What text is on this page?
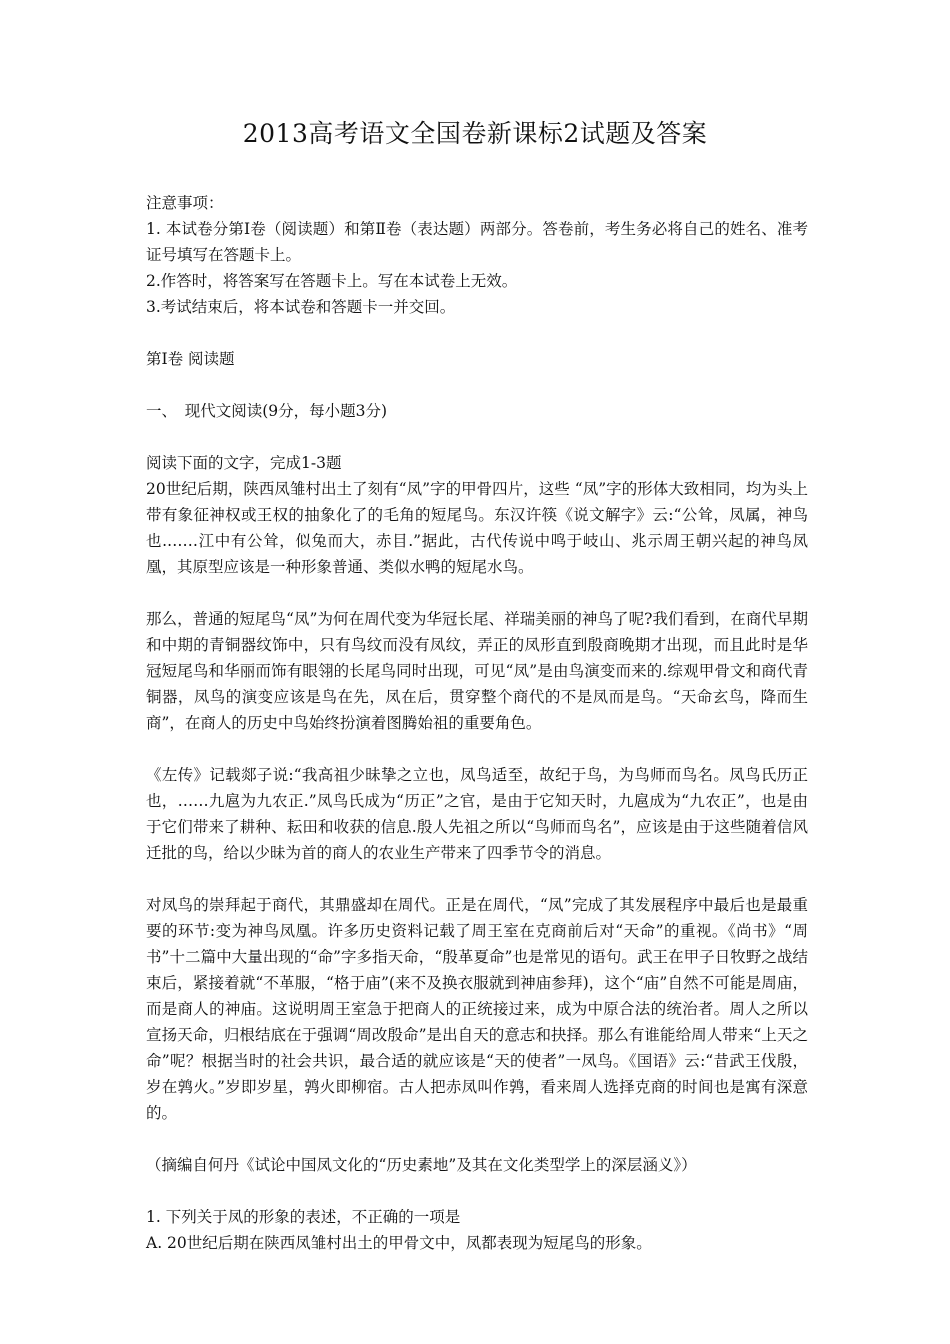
2013高考语文全国卷新课标2试题及答案

注意事项：

1. 本试卷分第Ⅰ卷（阅读题）和第Ⅱ卷（表达题）两部分。答卷前，考生务必将自己的姓名、准考证号填写在答题卡上。

2.作答时，将答案写在答题卡上。写在本试卷上无效。

3.考试结束后，将本试卷和答题卡一并交回。

第Ⅰ卷 阅读题

一、　现代文阅读(9分，每小题3分)

阅读下面的文字，完成1-3题

20世纪后期，陕西凤雏村出土了刻有“凤”字的甲骨四片，这些 “凤”字的形体大致相同，均为头上带有象征神权或王权的抽象化了的毛角的短尾鸟。东汉许筷《说文解字》云:“公耸，凤属，神鸟也.……江中有公耸，似兔而大，赤目.”据此，古代传说中鸣于岐山、兆示周王朝兴起的神鸟凤凰，其原型应该是一种形象普通、类似水鸭的短尾水鸟。

那么，普通的短尾鸟“凤”为何在周代变为华冠长尾、祥瑞美丽的神鸟了呢?我们看到，在商代早期和中期的青铜器纹饰中，只有鸟纹而没有凤纹，弄正的凤形直到殷商晚期才出现，而且此时是华冠短尾鸟和华丽而饰有眼翎的长尾鸟同时出现，可见“凤”是由鸟演变而来的.综观甲骨文和商代青铜器，凤鸟的演变应该是鸟在先，凤在后，贯穿整个商代的不是凤而是鸟。“天命玄鸟，降而生商”，在商人的历史中鸟始终扮演着图腾始祖的重要角色。

《左传》记载郯子说:“我高祖少昧挚之立也，凤鸟适至，故纪于鸟，为鸟师而鸟名。凤鸟氏历正也，……九扈为九农正.”凤鸟氏成为“历正”之官，是由于它知天时，九扈成为“九农正”，也是由于它们带来了耕种、耘田和收获的信息.殷人先祖之所以“鸟师而鸟名”，应该是由于这些随着信风迁批的鸟，给以少昧为首的商人的农业生产带来了四季节令的消息。

对凤鸟的崇拜起于商代，其鼎盛却在周代。正是在周代，“凤”完成了其发展程序中最后也是最重要的环节:变为神鸟凤凰。许多历史资料记载了周王室在克商前后对“天命”的重视。《尚书》“周书”十二篇中大量出现的“命”字多指天命，“殷革夏命”也是常见的语句。武王在甲子日牧野之战结束后，紧接着就“不革服，“格于庙”(来不及换衣服就到神庙参拜)，这个“庙”自然不可能是周庙，而是商人的神庙。这说明周王室急于把商人的正统接过来，成为中原合法的统治者。周人之所以宣扬天命，归根结底在于强调“周改殷命”是出自天的意志和抉择。那么有谁能给周人带来“上天之命”呢？根据当时的社会共识，最合适的就应该是“天的使者”一凤鸟。《国语》云:“昔武王伐殷，岁在鹑火。”岁即岁星，鹑火即柳宿。古人把赤凤叫作鹑，看来周人选择克商的时间也是寓有深意的。

（摘编自何丹《试论中国凤文化的“历史素地”及其在文化类型学上的深层涵义》）

1. 下列关于凤的形象的表述，不正确的一项是

A. 20世纪后期在陕西凤雏村出土的甲骨文中，凤都表现为短尾鸟的形象。
